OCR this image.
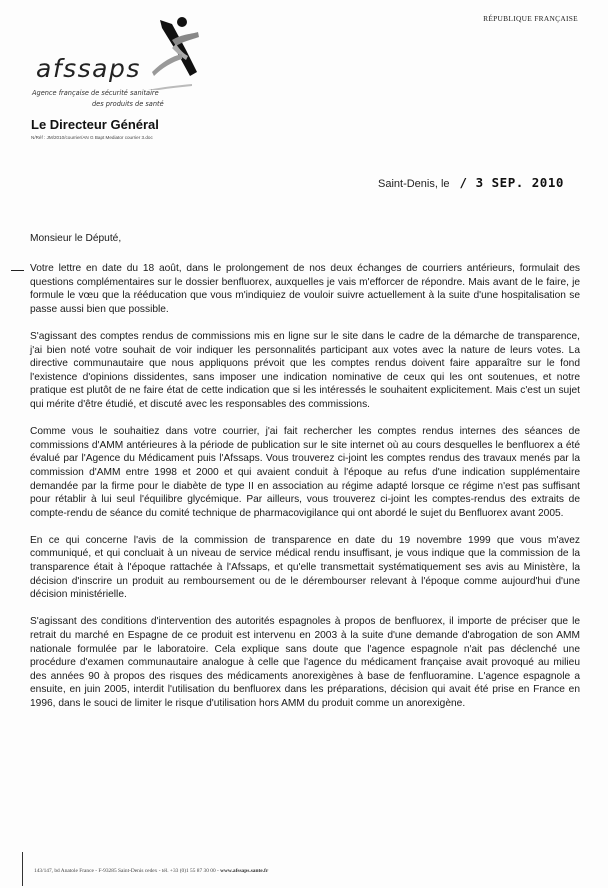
afssaps
Agence française de sécurité sanitaire
des produits de santé
Le Directeur Général
N/Réf : JM/2010/courrier/AN G Bapt Mediator courrier 3.doc
RÉPUBLIQUE FRANÇAISE
Saint-Denis, le / 3 SEP. 2010
Monsieur le Député,

Votre lettre en date du 18 août, dans le prolongement de nos deux échanges de courriers antérieurs, formulait des questions complémentaires sur le dossier benfluorex, auxquelles je vais m'efforcer de répondre. Mais avant de le faire, je formule le vœu que la rééducation que vous m'indiquiez de vouloir suivre actuellement à la suite d'une hospitalisation se passe aussi bien que possible.

S'agissant des comptes rendus de commissions mis en ligne sur le site dans le cadre de la démarche de transparence, j'ai bien noté votre souhait de voir indiquer les personnalités participant aux votes avec la nature de leurs votes. La directive communautaire que nous appliquons prévoit que les comptes rendus doivent faire apparaître sur le fond l'existence d'opinions dissidentes, sans imposer une indication nominative de ceux qui les ont soutenues, et notre pratique est plutôt de ne faire état de cette indication que si les intéressés le souhaitent explicitement. Mais c'est un sujet qui mérite d'être étudié, et discuté avec les responsables des commissions.

Comme vous le souhaitiez dans votre courrier, j'ai fait rechercher les comptes rendus internes des séances de commissions d'AMM antérieures à la période de publication sur le site internet où au cours desquelles le benfluorex a été évalué par l'Agence du Médicament puis l'Afssaps. Vous trouverez ci-joint les comptes rendus des travaux menés par la commission d'AMM entre 1998 et 2000 et qui avaient conduit à l'époque au refus d'une indication supplémentaire demandée par la firme pour le diabète de type II en association au régime adapté lorsque ce régime n'est pas suffisant pour rétablir à lui seul l'équilibre glycémique. Par ailleurs, vous trouverez ci-joint les comptes-rendus des extraits de compte-rendu de séance du comité technique de pharmacovigilance qui ont abordé le sujet du Benfluorex avant 2005.

En ce qui concerne l'avis de la commission de transparence en date du 19 novembre 1999 que vous m'avez communiqué, et qui concluait à un niveau de service médical rendu insuffisant, je vous indique que la commission de la transparence était à l'époque rattachée à l'Afssaps, et qu'elle transmettait systématiquement ses avis au Ministère, la décision d'inscrire un produit au remboursement ou de le dérembourser relevant à l'époque comme aujourd'hui d'une décision ministérielle.

S'agissant des conditions d'intervention des autorités espagnoles à propos de benfluorex, il importe de préciser que le retrait du marché en Espagne de ce produit est intervenu en 2003 à la suite d'une demande d'abrogation de son AMM nationale formulée par le laboratoire. Cela explique sans doute que l'agence espagnole n'ait pas déclenché une procédure d'examen communautaire analogue à celle que l'agence du médicament française avait provoqué au milieu des années 90 à propos des risques des médicaments anorexigènes à base de fenfluoramine. L'agence espagnole a ensuite, en juin 2005, interdit l'utilisation du benfluorex dans les préparations, décision qui avait été prise en France en 1996, dans le souci de limiter le risque d'utilisation hors AMM du produit comme un anorexigène.

143/147, bd Anatole France - F-93285 Saint-Denis cedex - tél. +33 (0)1 55 87 30 00 - www.afssaps.sante.fr
